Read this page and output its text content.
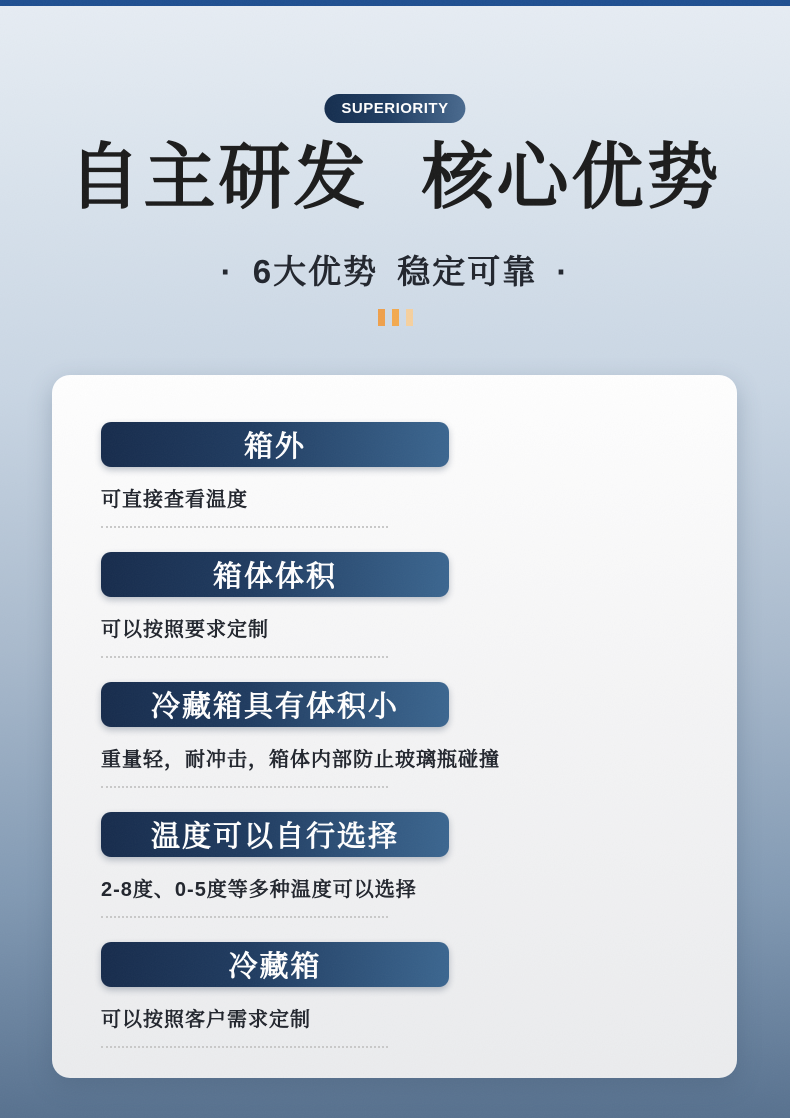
SUPERIORITY
自主研发 核心优势
· 6大优势 稳定可靠 ·
箱外
可直接查看温度
箱体体积
可以按照要求定制
冷藏箱具有体积小
重量轻，耐冲击，箱体内部防止玻璃瓶碰撞
温度可以自行选择
2-8度、0-5度等多种温度可以选择
冷藏箱
可以按照客户需求定制
